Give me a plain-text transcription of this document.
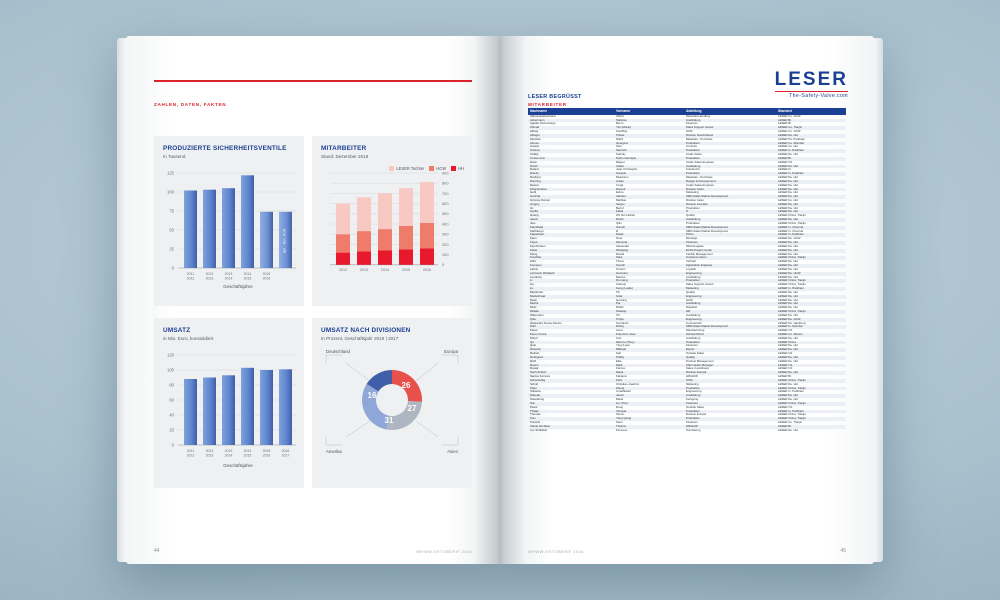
ZAHLEN, DATEN, FAKTEN
PRODUZIERTE SICHERHEITSVENTILE
In Tausend
125
100
75
50
25
0
Apr. - Nov. 2016
2011
2012
2012
2013
2013
2014
2014
2015
2015
2016
Geschäftsjahre
MITARBEITER
Stand: Dezember 2016
LESER Tochter	HCW	HH
900
800
700
600
500
400
300
200
100
0
2012	2013	2014	2015	2016
UMSATZ
in Mio. Euro, konsolidiert
120
100
80
60
40
20
0
2011
2012
2012
2013
2013
2014
2014
2015
2015
2016
2016
2017
Geschäftsjahre
UMSATZ NACH DIVISIONEN
In Prozent, Geschäftsjahr 2016 | 2017
Deutschland	Europa
Amerika	Asien
26
27
31
16
44	WHWW.OKTOBERIF 2016
LESER
The-Safety-Valve.com
MITARBEITER
LESER BEGRÜSST
Nachname	Vorname	Abteilung	Standort
Abbaszadehanbardi	Afshin	Materials Handling	LESER Co. HCW
Ackermann	Stefanie	Ausbildung	LESER Br.
Aguilar Viera Araujo	Byron	Finanzen	LESER Br.
Ahmad	Yaz (Murat)	Sales Support Center	LESER Co. Tianjin
Akbaş	Kordibay	SCM	LESER Co. HCW
Albagui	Tobias	Division Deutschland	LESER De. HH
Almeida	Nikhil	Materials - Purchase	LESER Pa. Parkham
Alonso	Georgina	Produktion	LESER Co. Mumbai
Amaus	Sina	Controls	LESER Co. HH
Chanov	Santosh	Produktion	LESER In. Parkham
Chafiq	Kethuly	Inside Sales	LESER De. HH
Costa Lima	Pedro Henrique	Produktion	LESER Br.
Dano	Miguel	Inside Sales Engineer	LESER US
Dehih	Volker	Ausbildung	LESER De. HH
Debert	Jean-Christophe	Frankreich	LESER Fr.
Diseby	Ganesh	Produktion	LESER In. Parkham
Derdiyer	Mekanem	Materials - Purchase	LESER De. HH
Dierzing	Lukas	Design & Development	LESER De. HH
Damar	Cevjk	Inside Sales Engineer	LESER De. HH
Ghanchakrat	Daunuf	Division Asien	LESER De. HH
Gehl	Esbre	Marketing	LESER De. HH
Gehrsla	Alanber	SMD-Sales Market Development	LESER De. HH
Grimme Darwin	Mathias	Division Asien	LESER Co. HH
Grigory	Sergei	Division Amerika	LESER De. HH
Gr.	Bernd	Produktion	LESER De. HH
Impfla	Fabia	IT	LESER De. HH
Huang	Zhi hui (Hubei)	Quality	LESER China, Tianjin
Jacob	David	Ausbildung	LESER De. HH
Jiao	Qilin	Produktion	LESER China, Tianjin
Kandhatla	Suresh	SMD-Sales Market Development	LESER In. Chennai
Karthikeyn	R	SMD-Sales Market Development	LESER In. Chennai
Kapadnaur	Dipak	PSCo	LESER In. Parkham
Kaun	Nora	Montage	LESER De. HCW
Kayur	Zamsela	Finanzen	LESER De. HH
Kerchnhaun	Alexander	Werkzeugbau	LESER De. HH
Keller	Wolfgang	ECW-Projekt Center	LESER De. HH
Kleng	Daniel	Facility Management	LESER De. HH
Knoshke	Sara	Customer Asien	LESER China, Tianjin
Köhl	Thora	Vertrieb	LESER De. HH
Komarov	Kensth	Application Engineer	LESER De. HH
Labus	Torsten	Logistik	LESER De. HH
Lehmann Wolfsack	Hermann	Engineering	LESER De. HCW
Lemarley	Marcus	Ausbildung	LESER De. HH
Li	De Liang	Produktion	LESER China, Tianjin
Liu	Xudoup	Sales Support Center	LESER China, Tianjin
Lu	Feng (Leslie)	Marketing	LESER In. Parkham
Mandorter	Till	Quality	LESER De. HH
Mattschraat	Gitta	Engineering	LESER De. HH
Meier	Henning	HCW	LESER De. HH
Melnik	Pia	Ausbildung	LESER De. HH
Mohr	Rickin	Dispatch	LESER De. HH
Milaiko	Swantje	HR	LESER China, Tianjin
Offermann	Till	Ausbildung	LESER De. HH
Qilei	Torbjo	Engineering	LESER De. HCW
Okasa De Sousa Santos	Fernando	Commercial	LESER De. Hamburg
Patil	Dhiraj	SMD-Sales Market Development	LESER In. Mumbai
Pasor	Amol	Manufacturing	LESER US
Pena Correa	Francisco Jose	Schwarzlbnez	LESER Co. Mexico
Pfeuti	Udo	Ausbildung	LESER De. HH
Qu	Man bo (Tony)	Produktion	LESER China
Quin	Ying (Lisa)	Finanzen	LESER De. HH
Rameho	Mikhael	Export	LESER De. HH
Reihert	Karl	Outside Sales	LESER US
Rodriguez	Khalty	Quality	LESER De. HH
Röhl	Elke	Product Management	LESER De. HH
Roerin	Mark	Aftermarket Manager	LESER US
Rosati	Fatima	Sales Coordinator	LESER US
Sach-Schulz	Maria	Division Europa	LESER De. HH
Santos Ferreira	Fabiana	HR/HCW	LESER Br.
Schenkuffig	Felix	SCM	LESER China, Tianjin
Schult	Christian-Joachim	Marketing	LESER De. HH
Shan	Zheng	Produktion	LESER China, Tianjin
Srikanta	Umathkash	Engineering	LESER In. Parkham
Starode	Jacob	Ausbildung	LESER De. HH
Stuendung	Marie	Fertigung	LESER De. HH
Sun	Lin (Tom)	Finanzen	LESER China, Tianjin
Pasor	Doug	Outside Sales	LESER US
Thalas	Vinayak	Produktion	LESER In. Parkham
Thomas	Simon	Division Europa	LESER China, Tianjin
Tian	Yang Qiang	Produktion	LESER China, Tianjin
Tukuchi	Karin	Finanzen	LESER Co. Tianjin
Viante Da Silva	Thelma	HR/HCW	LESER Br.
von Schlickat	Florenus	Purchasing	LESER De. HH
45
WHWW.OKTOBERIF 2016
